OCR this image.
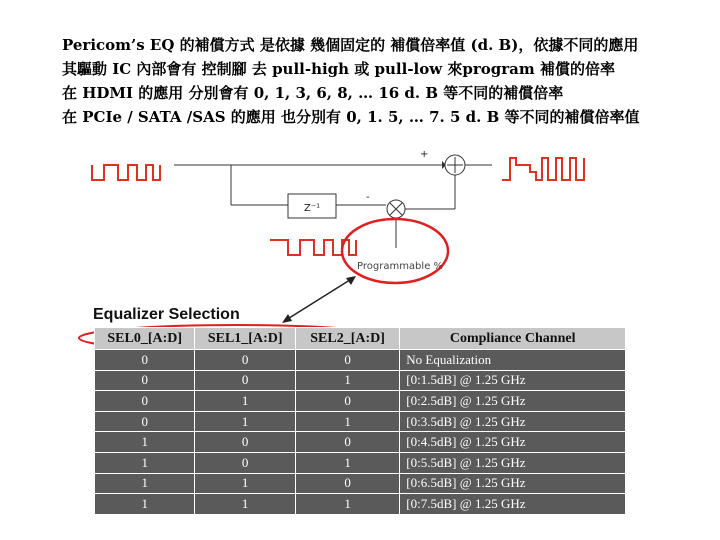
Pericom’s EQ 的補償方式 是依據 幾個固定的 補償倍率值 (d. B)，依據不同的應用

其驅動 IC 內部會有 控制腳 去 pull-high 或 pull-low 來program 補償的倍率

在 HDMI 的應用 分別會有 0, 1, 3, 6, 8, … 16 d. B 等不同的補償倍率

在 PCIe / SATA /SAS 的應用 也分別有 0, 1. 5, … 7. 5 d. B 等不同的補償倍率值

Z⁻¹
+
-
Programmable %
Equalizer Selection
SEL0_[A:D]	SEL1_[A:D]	SEL2_[A:D]	Compliance Channel
0	0	0	No Equalization
0	0	1	[0:1.5dB] @ 1.25 GHz
0	1	0	[0:2.5dB] @ 1.25 GHz
0	1	1	[0:3.5dB] @ 1.25 GHz
1	0	0	[0:4.5dB] @ 1.25 GHz
1	0	1	[0:5.5dB] @ 1.25 GHz
1	1	0	[0:6.5dB] @ 1.25 GHz
1	1	1	[0:7.5dB] @ 1.25 GHz
